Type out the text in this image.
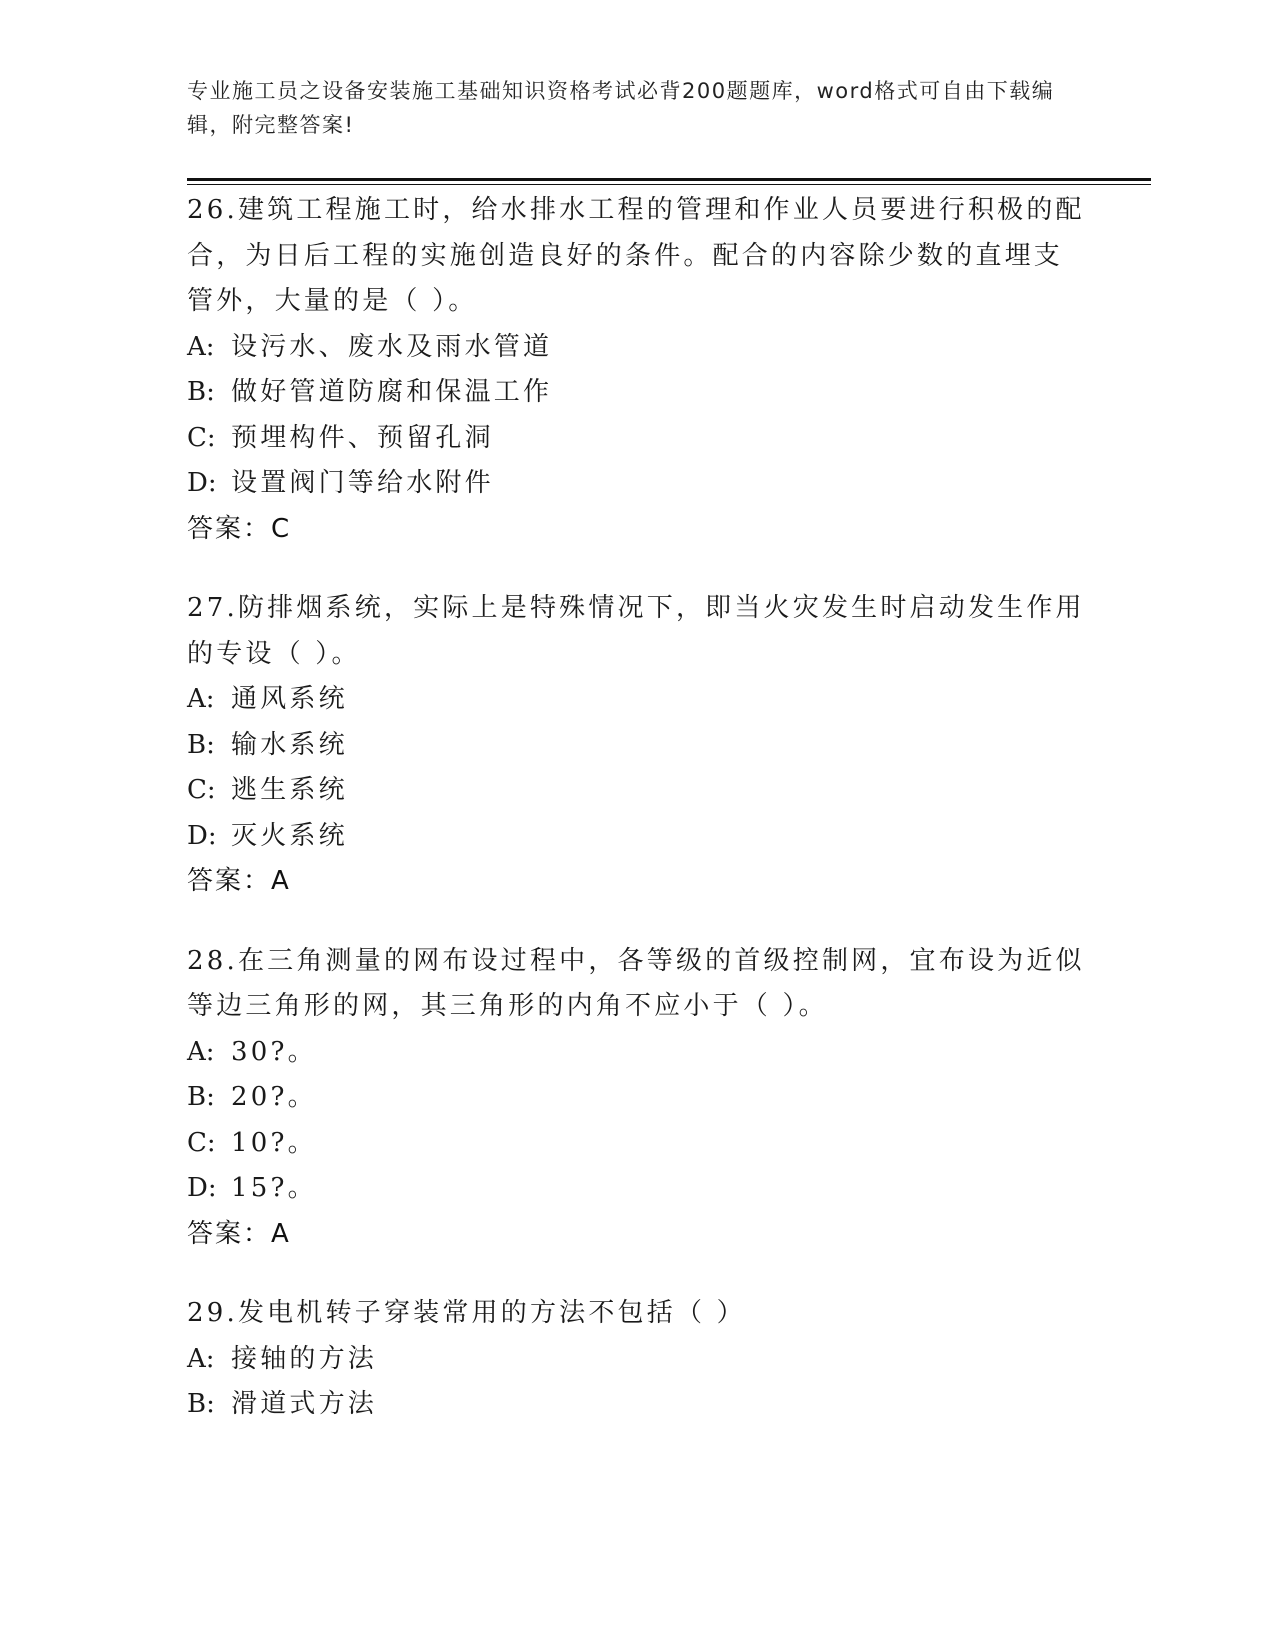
专业施工员之设备安装施工基础知识资格考试必背200题题库，word格式可自由下载编辑，附完整答案!
26.建筑工程施工时，给水排水工程的管理和作业人员要进行积极的配合，为日后工程的实施创造良好的条件。配合的内容除少数的直埋支管外，大量的是（ ）。
A: 设污水、废水及雨水管道
B: 做好管道防腐和保温工作
C: 预埋构件、预留孔洞
D: 设置阀门等给水附件
答案：C
27.防排烟系统，实际上是特殊情况下，即当火灾发生时启动发生作用的专设（ ）。
A: 通风系统
B: 输水系统
C: 逃生系统
D: 灭火系统
答案：A
28.在三角测量的网布设过程中，各等级的首级控制网，宜布设为近似等边三角形的网，其三角形的内角不应小于（ ）。
A: 30?。
B: 20?。
C: 10?。
D: 15?。
答案：A
29.发电机转子穿装常用的方法不包括（ ）
A: 接轴的方法
B: 滑道式方法
